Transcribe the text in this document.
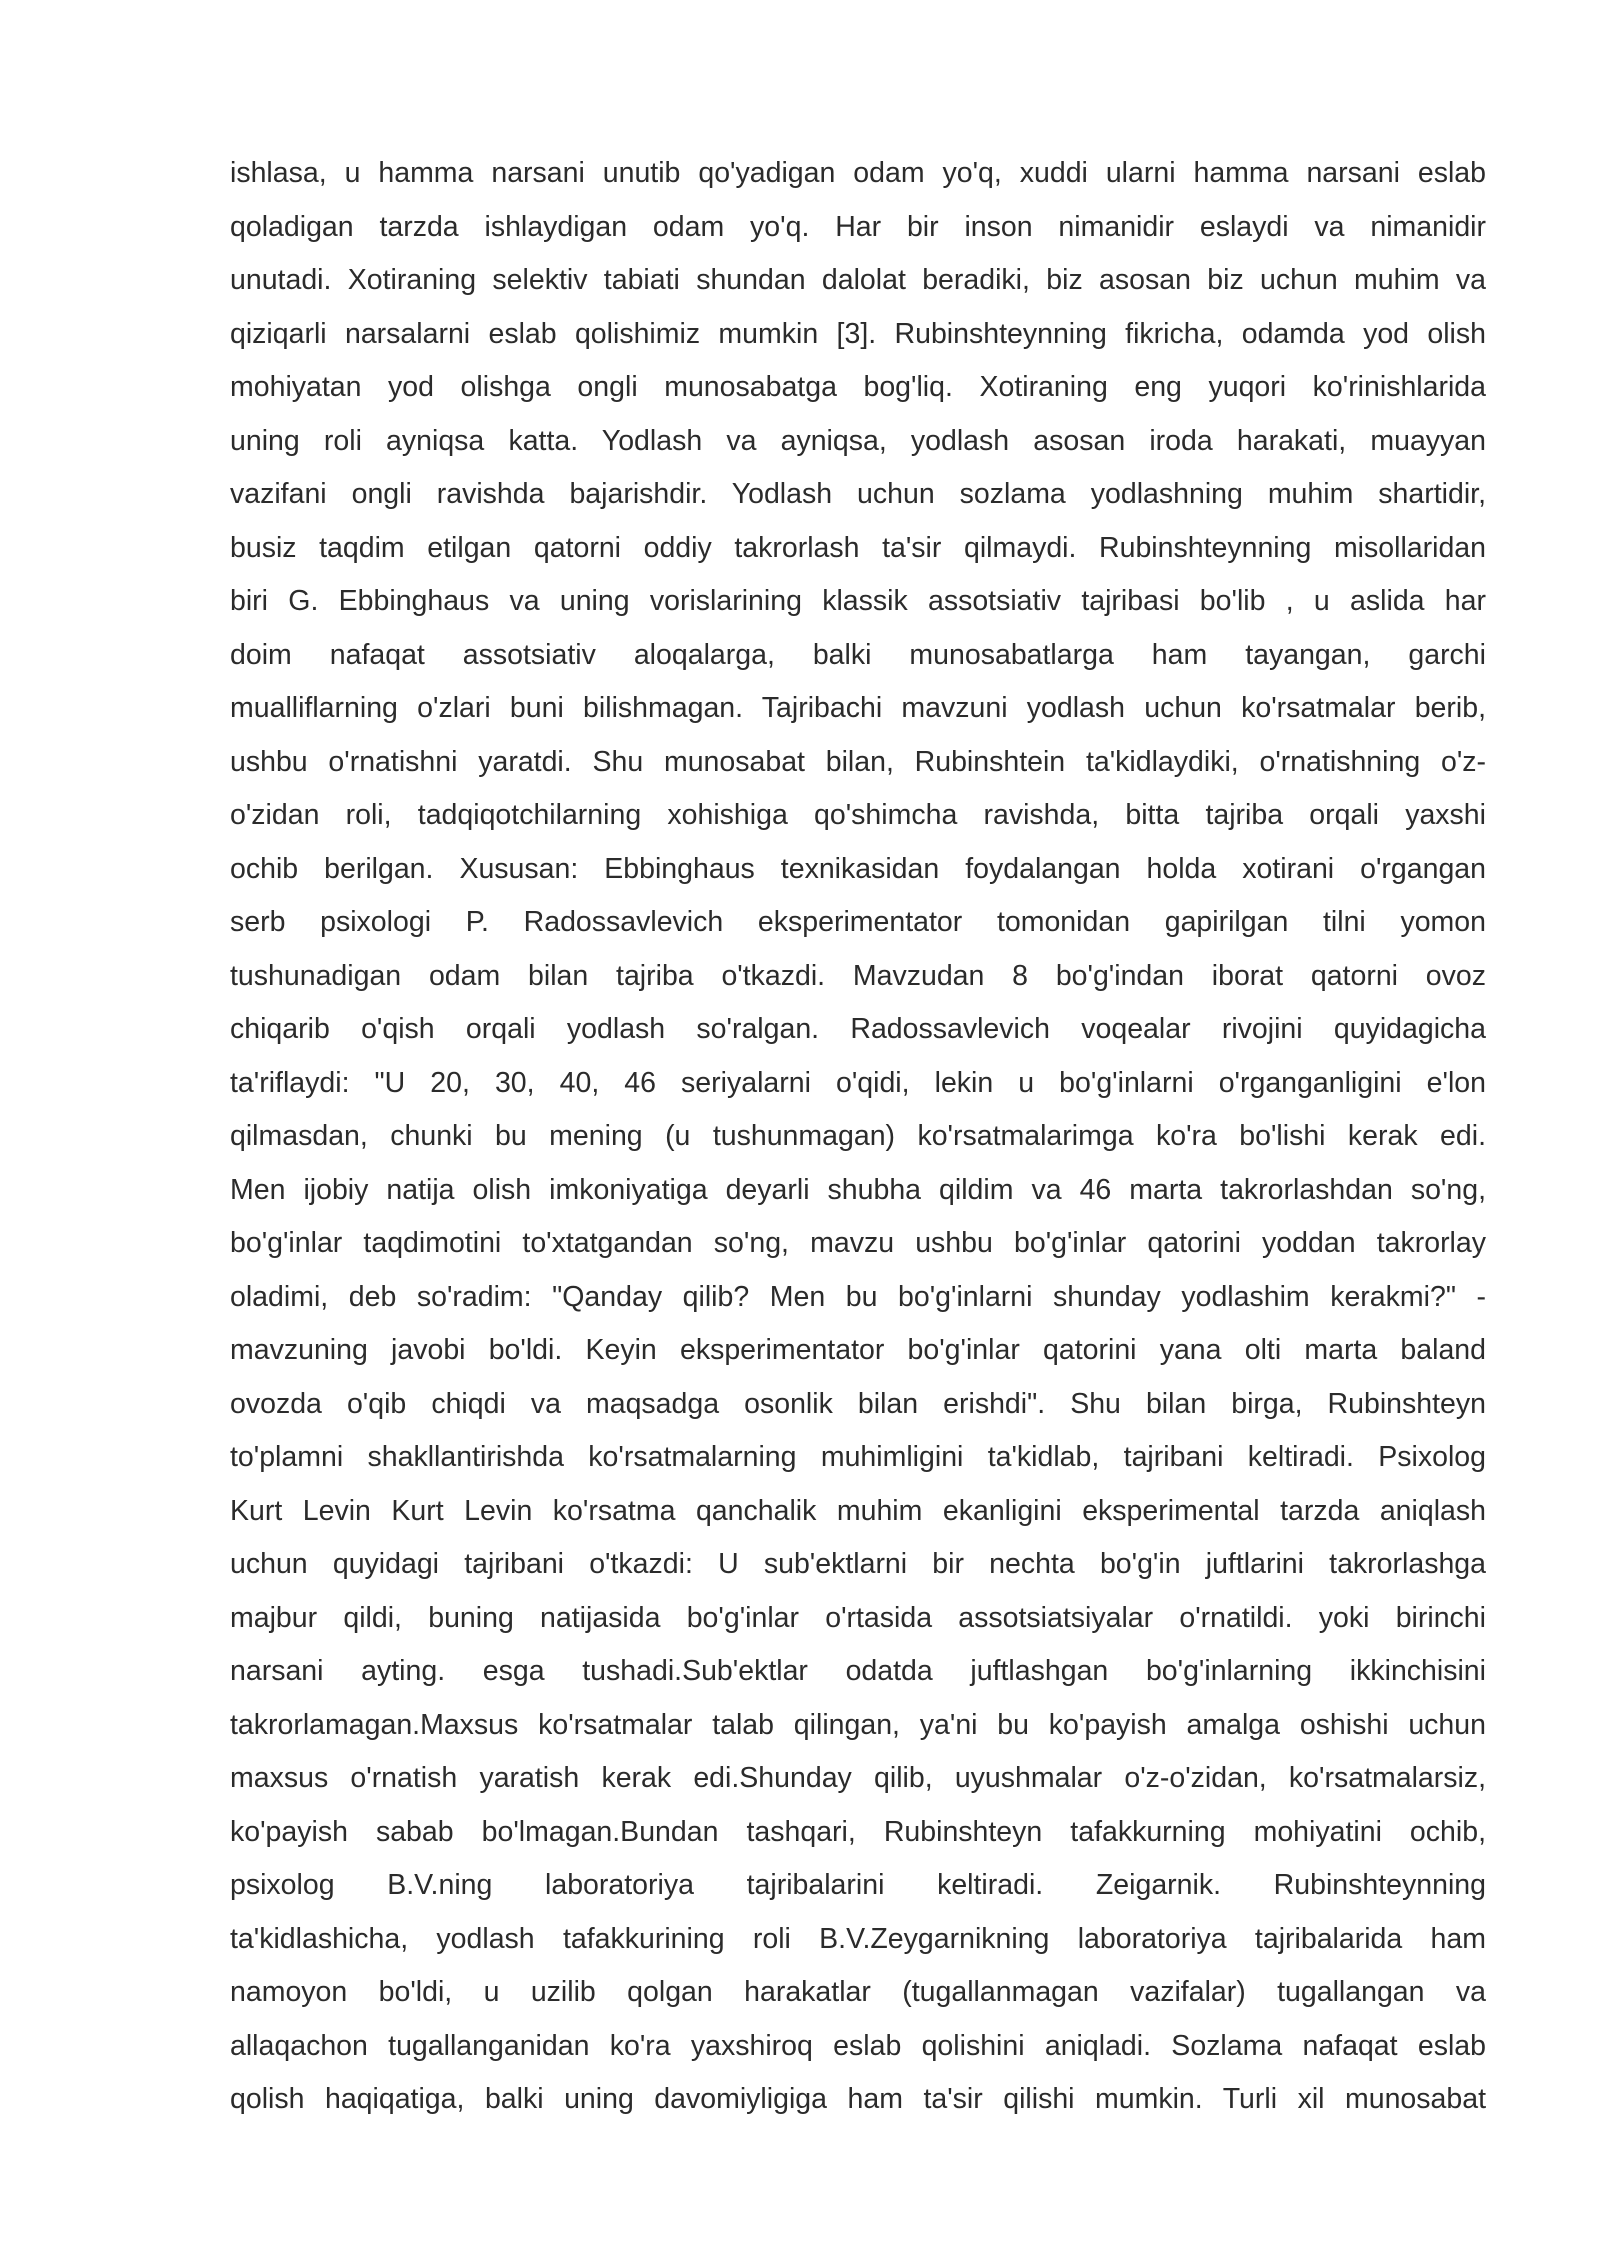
ishlasa, u hamma narsani unutib qo'yadigan odam yo'q, xuddi ularni hamma narsani eslab
qoladigan tarzda ishlaydigan odam yo'q. Har bir inson nimanidir eslaydi va nimanidir
unutadi. Xotiraning selektiv tabiati shundan dalolat beradiki, biz asosan biz uchun muhim va
qiziqarli narsalarni eslab qolishimiz mumkin [3]. Rubinshteynning fikricha, odamda yod olish
mohiyatan yod olishga ongli munosabatga bog'liq. Xotiraning eng yuqori ko'rinishlarida
uning roli ayniqsa katta. Yodlash va ayniqsa, yodlash asosan iroda harakati, muayyan
vazifani ongli ravishda bajarishdir. Yodlash uchun sozlama yodlashning muhim shartidir,
busiz taqdim etilgan qatorni oddiy takrorlash ta'sir qilmaydi. Rubinshteynning misollaridan
biri G. Ebbinghaus va uning vorislarining klassik assotsiativ tajribasi bo'lib , u aslida har
doim nafaqat assotsiativ aloqalarga, balki munosabatlarga ham tayangan, garchi
mualliflarning o'zlari buni bilishmagan. Tajribachi mavzuni yodlash uchun ko'rsatmalar berib,
ushbu o'rnatishni yaratdi. Shu munosabat bilan, Rubinshtein ta'kidlaydiki, o'rnatishning o'z-
o'zidan roli, tadqiqotchilarning xohishiga qo'shimcha ravishda, bitta tajriba orqali yaxshi
ochib berilgan. Xususan: Ebbinghaus texnikasidan foydalangan holda xotirani o'rgangan
serb psixologi P. Radossavlevich eksperimentator tomonidan gapirilgan tilni yomon
tushunadigan odam bilan tajriba o'tkazdi. Mavzudan 8 bo'g'indan iborat qatorni ovoz
chiqarib o'qish orqali yodlash so'ralgan. Radossavlevich voqealar rivojini quyidagicha
ta'riflaydi: "U 20, 30, 40, 46 seriyalarni o'qidi, lekin u bo'g'inlarni o'rganganligini e'lon
qilmasdan, chunki bu mening (u tushunmagan) ko'rsatmalarimga ko'ra bo'lishi kerak edi.
Men ijobiy natija olish imkoniyatiga deyarli shubha qildim va 46 marta takrorlashdan so'ng,
bo'g'inlar taqdimotini to'xtatgandan so'ng, mavzu ushbu bo'g'inlar qatorini yoddan takrorlay
oladimi, deb so'radim: "Qanday qilib? Men bu bo'g'inlarni shunday yodlashim kerakmi?" -
mavzuning javobi bo'ldi. Keyin eksperimentator bo'g'inlar qatorini yana olti marta baland
ovozda o'qib chiqdi va maqsadga osonlik bilan erishdi". Shu bilan birga, Rubinshteyn
to'plamni shakllantirishda ko'rsatmalarning muhimligini ta'kidlab, tajribani keltiradi. Psixolog
Kurt Levin Kurt Levin ko'rsatma qanchalik muhim ekanligini eksperimental tarzda aniqlash
uchun quyidagi tajribani o'tkazdi: U sub'ektlarni bir nechta bo'g'in juftlarini takrorlashga
majbur qildi, buning natijasida bo'g'inlar o'rtasida assotsiatsiyalar o'rnatildi. yoki birinchi
narsani ayting. esga tushadi.Sub'ektlar odatda juftlashgan bo'g'inlarning ikkinchisini
takrorlamagan.Maxsus ko'rsatmalar talab qilingan, ya'ni bu ko'payish amalga oshishi uchun
maxsus o'rnatish yaratish kerak edi.Shunday qilib, uyushmalar o'z-o'zidan, ko'rsatmalarsiz,
ko'payish sabab bo'lmagan.Bundan tashqari, Rubinshteyn tafakkurning mohiyatini ochib,
psixolog B.V.ning laboratoriya tajribalarini keltiradi. Zeigarnik. Rubinshteynning
ta'kidlashicha, yodlash tafakkurining roli B.V.Zeygarnikning laboratoriya tajribalarida ham
namoyon bo'ldi, u uzilib qolgan harakatlar (tugallanmagan vazifalar) tugallangan va
allaqachon tugallanganidan ko'ra yaxshiroq eslab qolishini aniqladi. Sozlama nafaqat eslab
qolish haqiqatiga, balki uning davomiyligiga ham ta'sir qilishi mumkin. Turli xil munosabat
